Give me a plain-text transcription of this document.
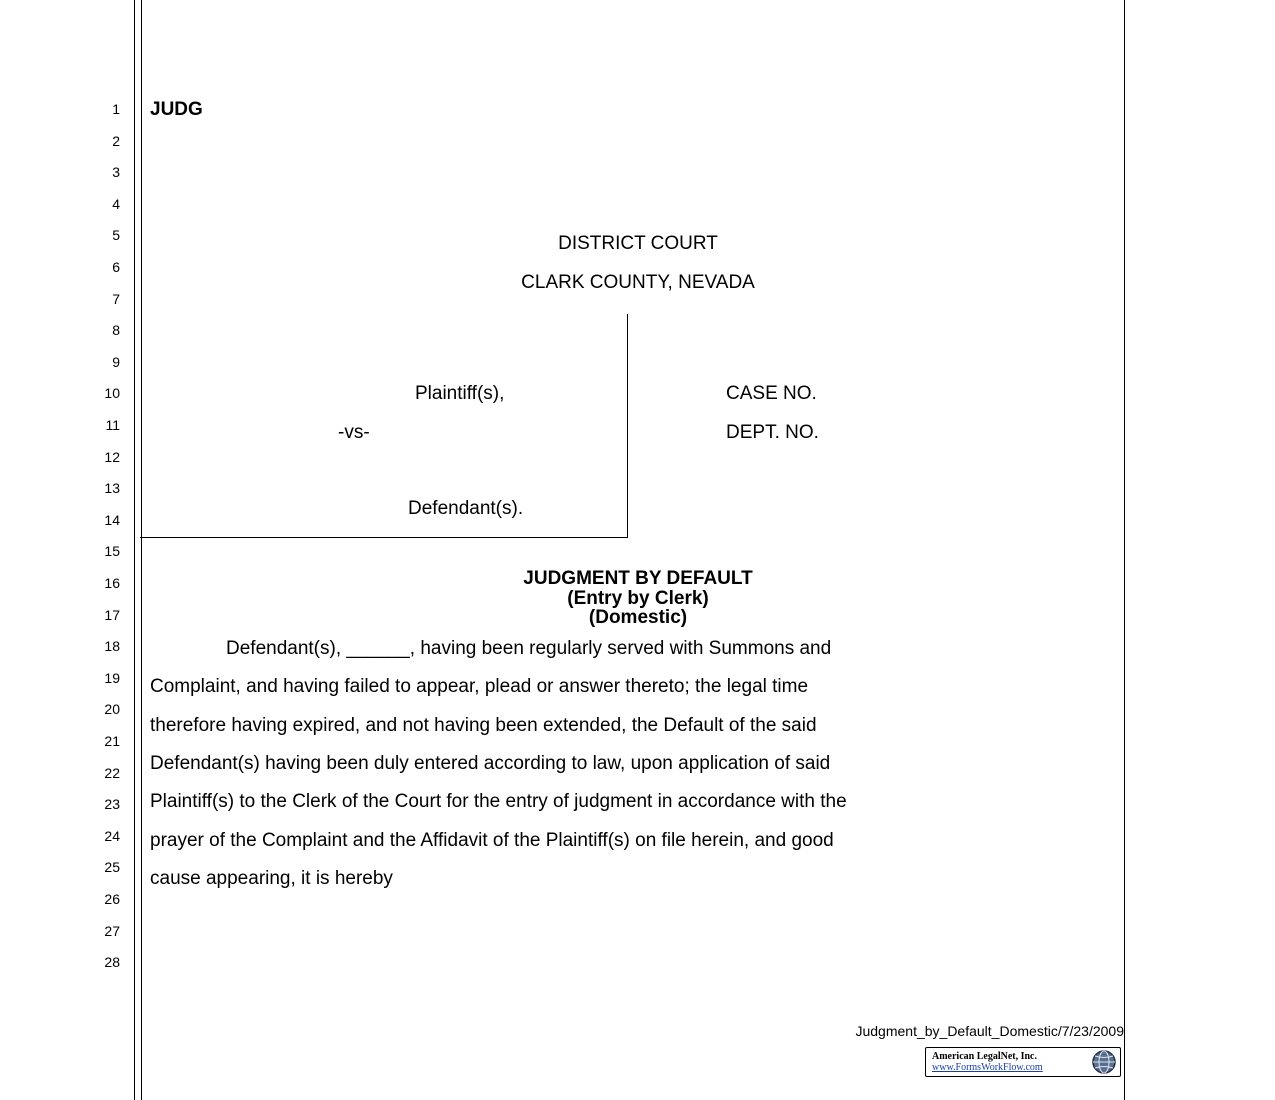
1
2
3
4
5
6
7
8
9
10
11
12
13
14
15
16
17
18
19
20
21
22
23
24
25
26
27
28
JUDG
DISTRICT COURT
CLARK COUNTY, NEVADA
Plaintiff(s),
-vs-
Defendant(s).
CASE NO.
DEPT. NO.
JUDGMENT BY DEFAULT
(Entry by Clerk)
(Domestic)
Defendant(s), ______, having been regularly served with Summons and
Complaint, and having failed to appear, plead or answer thereto; the legal time
therefore having expired, and not having been extended, the Default of the said
Defendant(s) having been duly entered according to law, upon application of said
Plaintiff(s) to the Clerk of the Court for the entry of judgment in accordance with the
prayer of the Complaint and the Affidavit of the Plaintiff(s) on file herein, and good
cause appearing, it is hereby
Judgment_by_Default_Domestic/7/23/2009
American LegalNet, Inc.
www.FormsWorkFlow.com
